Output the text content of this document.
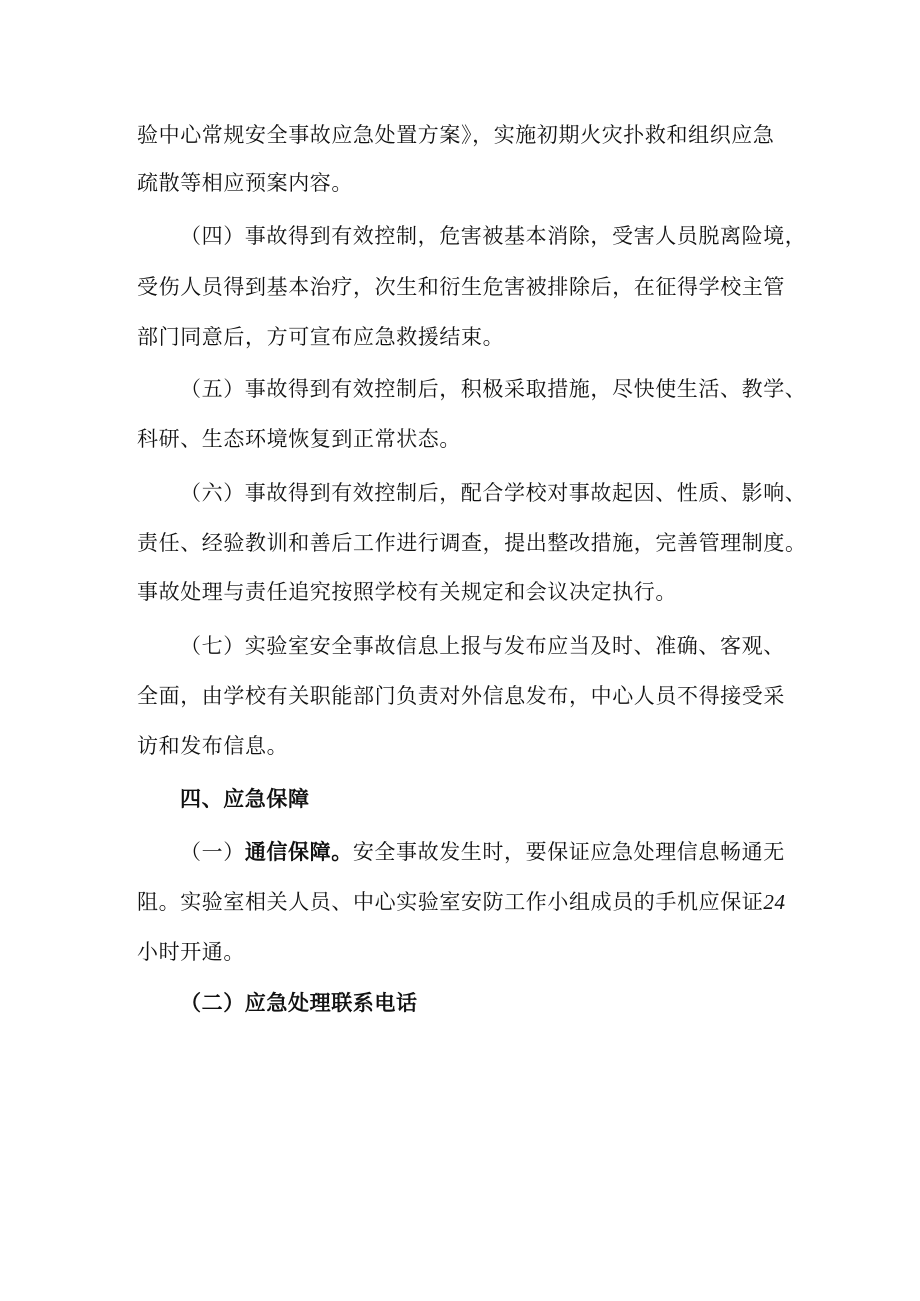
验中心常规安全事故应急处置方案》，实施初期火灾扑救和组织应急
疏散等相应预案内容。
（四）事故得到有效控制，危害被基本消除，受害人员脱离险境，
受伤人员得到基本治疗，次生和衍生危害被排除后，在征得学校主管
部门同意后，方可宣布应急救援结束。
（五）事故得到有效控制后，积极采取措施，尽快使生活、教学、
科研、生态环境恢复到正常状态。
（六）事故得到有效控制后，配合学校对事故起因、性质、影响、
责任、经验教训和善后工作进行调查，提出整改措施，完善管理制度。
事故处理与责任追究按照学校有关规定和会议决定执行。
（七）实验室安全事故信息上报与发布应当及时、准确、客观、
全面，由学校有关职能部门负责对外信息发布，中心人员不得接受采
访和发布信息。
四、应急保障
（一）通信保障。安全事故发生时，要保证应急处理信息畅通无
阻。实验室相关人员、中心实验室安防工作小组成员的手机应保证24
小时开通。
（二）应急处理联系电话
